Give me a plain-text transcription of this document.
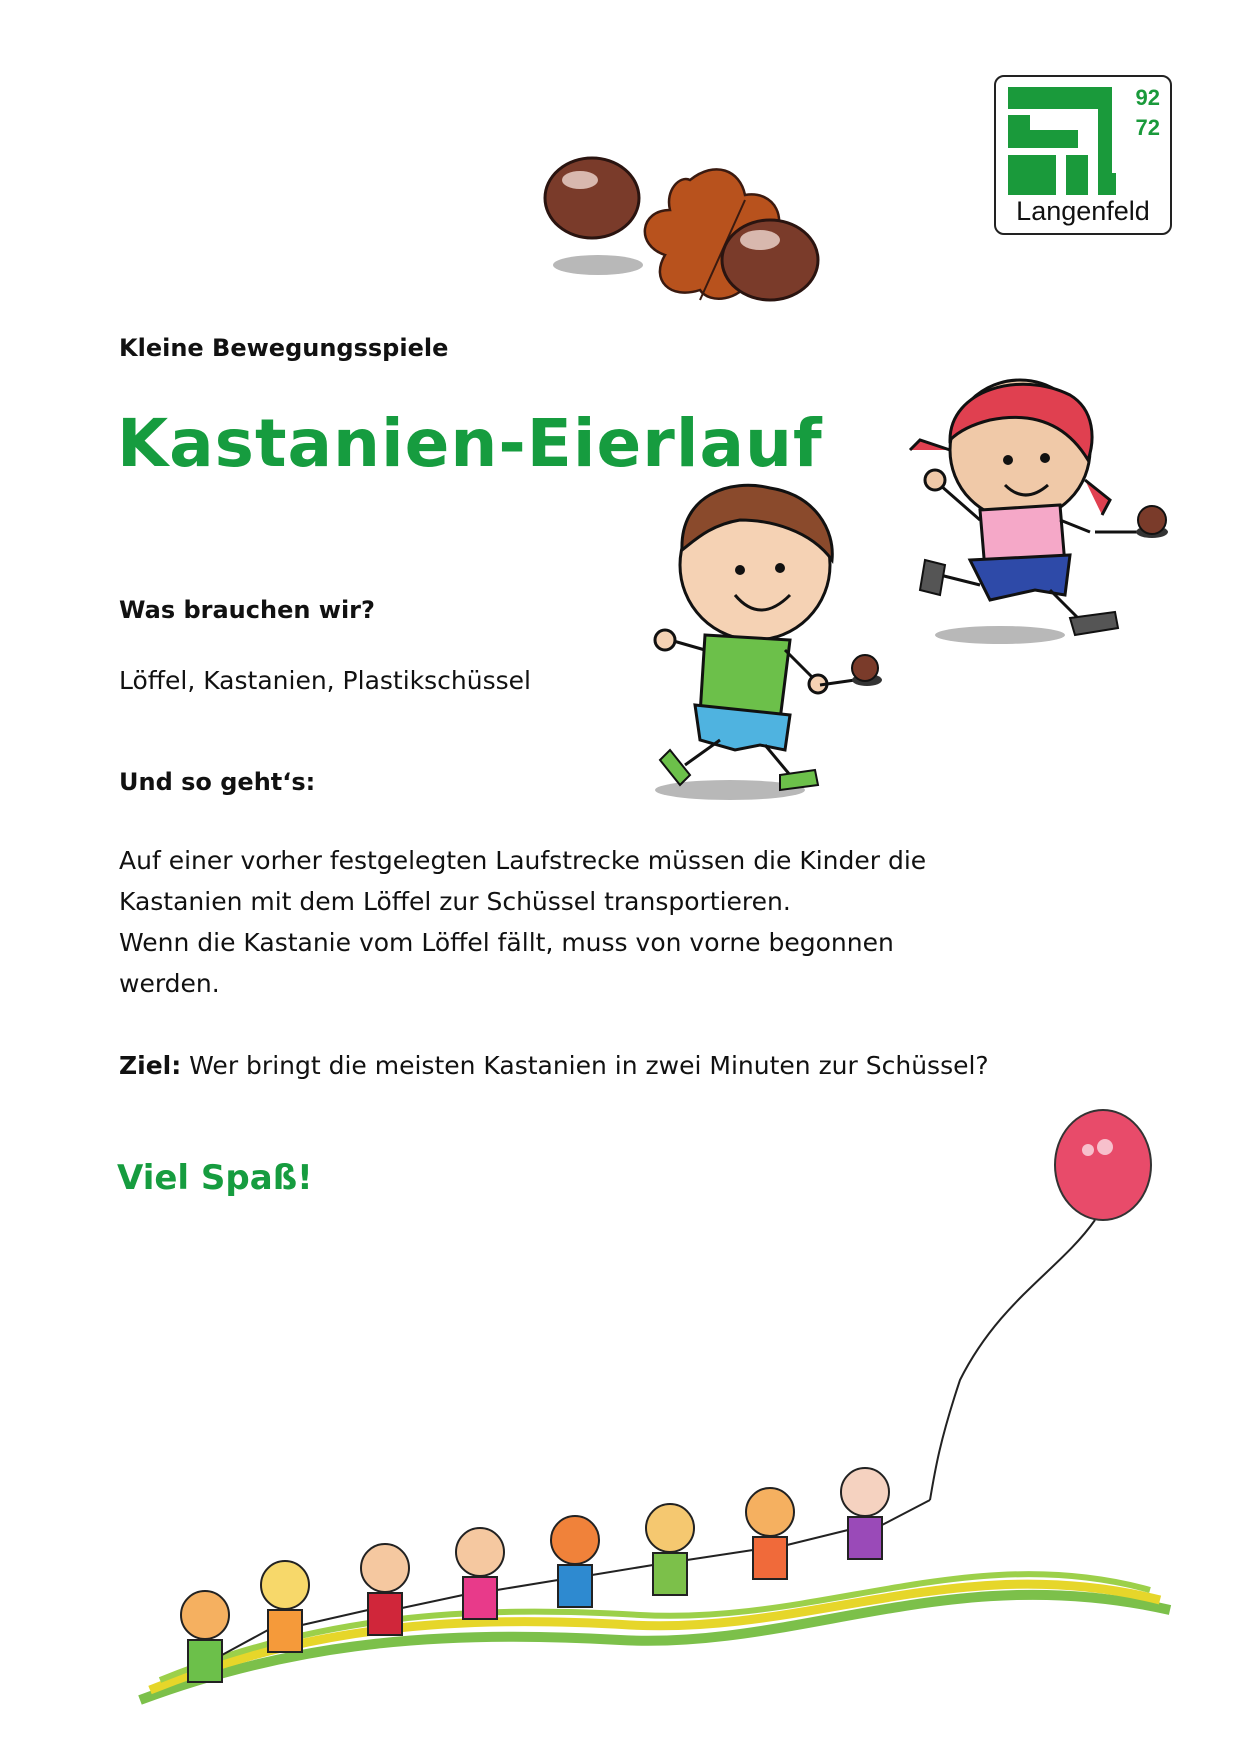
92
72
Langenfeld
Kleine Bewegungsspiele
Kastanien-Eierlauf
Was brauchen wir?
Löffel, Kastanien, Plastikschüssel
Und so geht‘s:
Auf einer vorher festgelegten Laufstrecke müssen die Kinder die
Kastanien mit dem Löffel zur Schüssel transportieren.
Wenn die Kastanie vom Löffel fällt, muss von vorne begonnen
werden.
Ziel: Wer bringt die meisten Kastanien in zwei Minuten zur Schüssel?
Viel Spaß!
